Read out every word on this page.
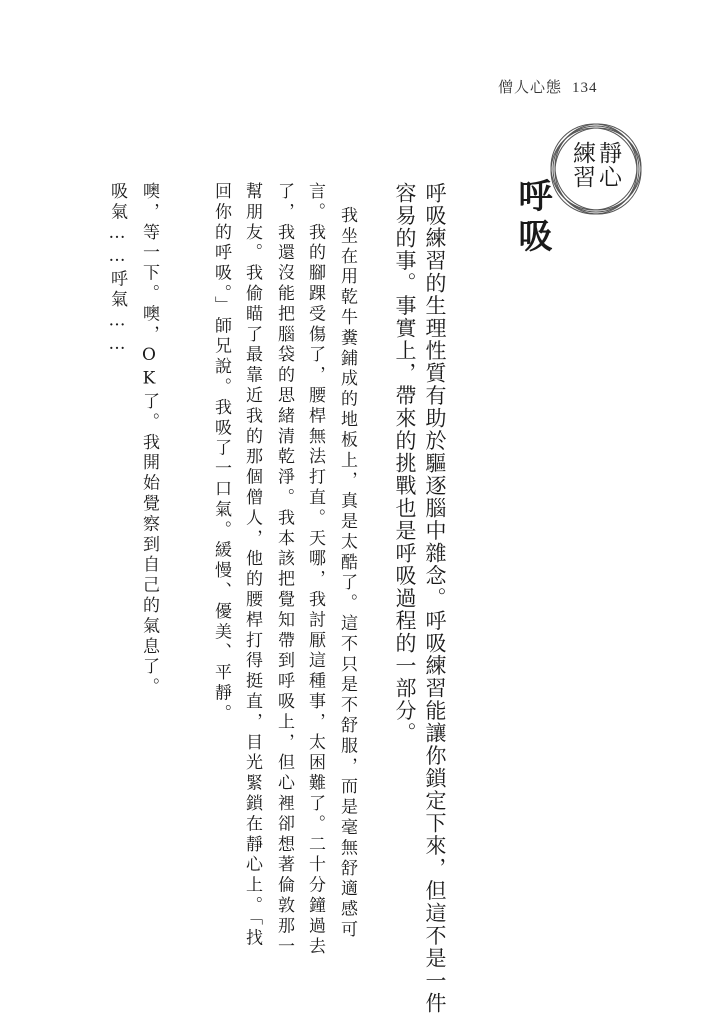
僧人心態 134
靜心
練習
呼吸
呼吸練習的生理性質有助於驅逐腦中雜念。呼吸練習能讓你鎖定下來，但這不是一件
容易的事。事實上，帶來的挑戰也是呼吸過程的一部分。
我坐在用乾牛糞鋪成的地板上，真是太酷了。這不只是不舒服，而是毫無舒適感可
言。我的腳踝受傷了，腰桿無法打直。天哪，我討厭這種事，太困難了。二十分鐘過去
了，我還沒能把腦袋的思緒清乾淨。我本該把覺知帶到呼吸上，但心裡卻想著倫敦那一
幫朋友。我偷瞄了最靠近我的那個僧人，他的腰桿打得挺直，目光緊鎖在靜心上。「找
回你的呼吸。」師兄說。我吸了一口氣。緩慢、優美、平靜。
噢，等一下。噢，OK了。我開始覺察到自己的氣息了。
吸氣……呼氣……
